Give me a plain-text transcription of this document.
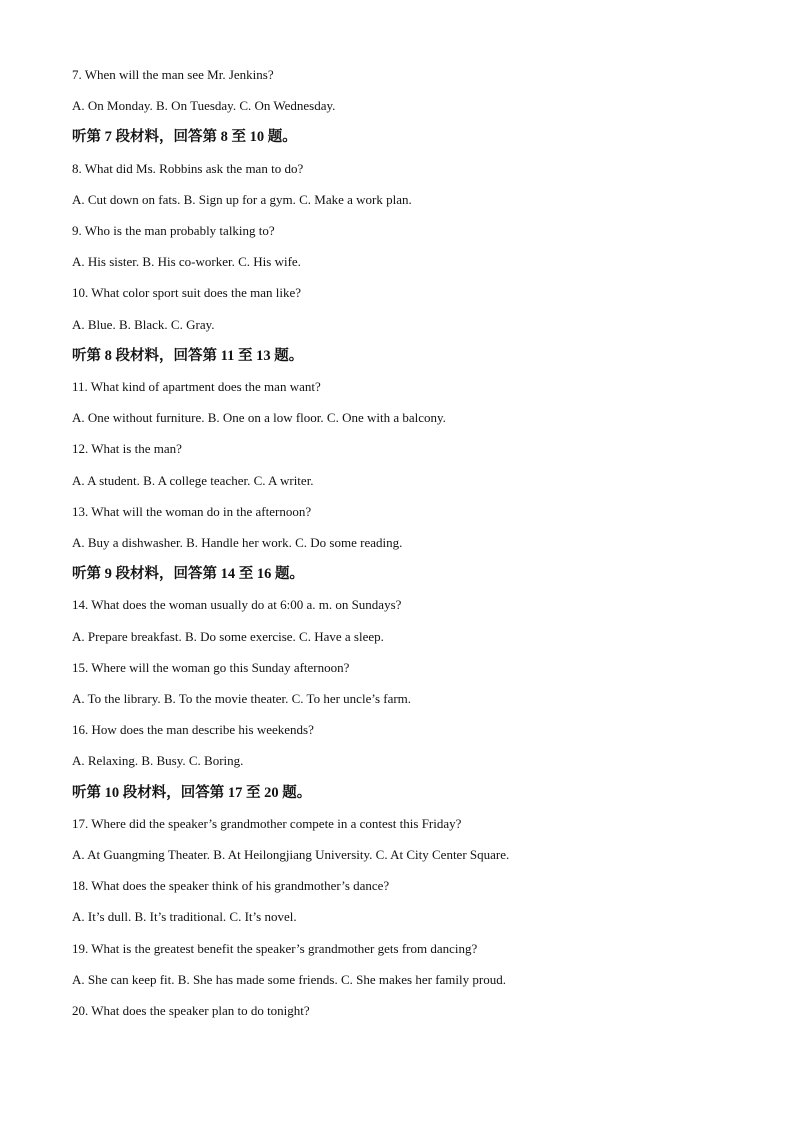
7. When will the man see Mr. Jenkins?
A. On Monday. B. On Tuesday. C. On Wednesday.
听第 7 段材料，回答第 8 至 10 题。
8. What did Ms. Robbins ask the man to do?
A. Cut down on fats. B. Sign up for a gym. C. Make a work plan.
9. Who is the man probably talking to?
A. His sister. B. His co-worker. C. His wife.
10. What color sport suit does the man like?
A. Blue. B. Black. C. Gray.
听第 8 段材料，回答第 11 至 13 题。
11. What kind of apartment does the man want?
A. One without furniture. B. One on a low floor. C. One with a balcony.
12. What is the man?
A. A student. B. A college teacher. C. A writer.
13. What will the woman do in the afternoon?
A. Buy a dishwasher. B. Handle her work. C. Do some reading.
听第 9 段材料，回答第 14 至 16 题。
14. What does the woman usually do at 6:00 a. m. on Sundays?
A. Prepare breakfast. B. Do some exercise. C. Have a sleep.
15. Where will the woman go this Sunday afternoon?
A. To the library. B. To the movie theater. C. To her uncle’s farm.
16. How does the man describe his weekends?
A. Relaxing. B. Busy. C. Boring.
听第 10 段材料，回答第 17 至 20 题。
17. Where did the speaker’s grandmother compete in a contest this Friday?
A. At Guangming Theater. B. At Heilongjiang University. C. At City Center Square.
18. What does the speaker think of his grandmother’s dance?
A. It’s dull. B. It’s traditional. C. It’s novel.
19. What is the greatest benefit the speaker’s grandmother gets from dancing?
A. She can keep fit. B. She has made some friends. C. She makes her family proud.
20. What does the speaker plan to do tonight?
